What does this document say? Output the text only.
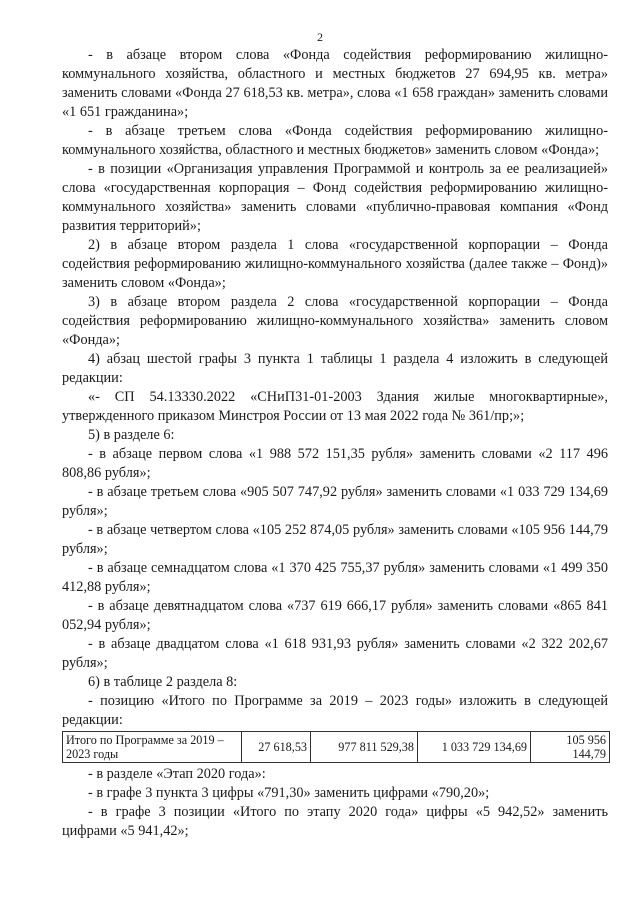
2

- в абзаце втором слова «Фонда содействия реформированию жилищно-коммунального хозяйства, областного и местных бюджетов 27 694,95 кв. метра» заменить словами «Фонда 27 618,53 кв. метра», слова «1 658 граждан» заменить словами «1 651 гражданина»;

- в абзаце третьем слова «Фонда содействия реформированию жилищно-коммунального хозяйства, областного и местных бюджетов» заменить словом «Фонда»;

- в позиции «Организация управления Программой и контроль за ее реализацией» слова «государственная корпорация – Фонд содействия реформированию жилищно-коммунального хозяйства» заменить словами «публично-правовая компания «Фонд развития территорий»;

2) в абзаце втором раздела 1 слова «государственной корпорации – Фонда содействия реформированию жилищно-коммунального хозяйства (далее также – Фонд)» заменить словом «Фонда»;

3) в абзаце втором раздела 2 слова «государственной корпорации – Фонда содействия реформированию жилищно-коммунального хозяйства» заменить словом «Фонда»;

4) абзац шестой графы 3 пункта 1 таблицы 1 раздела 4 изложить в следующей редакции:

«- СП 54.13330.2022 «СНиП31-01-2003 Здания жилые многоквартирные», утвержденного приказом Минстроя России от 13 мая 2022 года № 361/пр;»;

5) в разделе 6:

- в абзаце первом слова «1 988 572 151,35 рубля» заменить словами «2 117 496 808,86 рубля»;

- в абзаце третьем слова «905 507 747,92 рубля» заменить словами «1 033 729 134,69 рубля»;

- в абзаце четвертом слова «105 252 874,05 рубля» заменить словами «105 956 144,79 рубля»;

- в абзаце семнадцатом слова «1 370 425 755,37 рубля» заменить словами «1 499 350 412,88 рубля»;

- в абзаце девятнадцатом слова «737 619 666,17 рубля» заменить словами «865 841 052,94 рубля»;

- в абзаце двадцатом слова «1 618 931,93 рубля» заменить словами «2 322 202,67 рубля»;

6) в таблице 2 раздела 8:

- позицию «Итого по Программе за 2019 – 2023 годы» изложить в следующей редакции:

Итого по Программе за 2019 – 2023 годы	27 618,53	977 811 529,38	1 033 729 134,69	105 956 144,79

- в разделе «Этап 2020 года»:

- в графе 3 пункта 3 цифры «791,30» заменить цифрами «790,20»;

- в графе 3 позиции «Итого по этапу 2020 года» цифры «5 942,52» заменить цифрами «5 941,42»;
